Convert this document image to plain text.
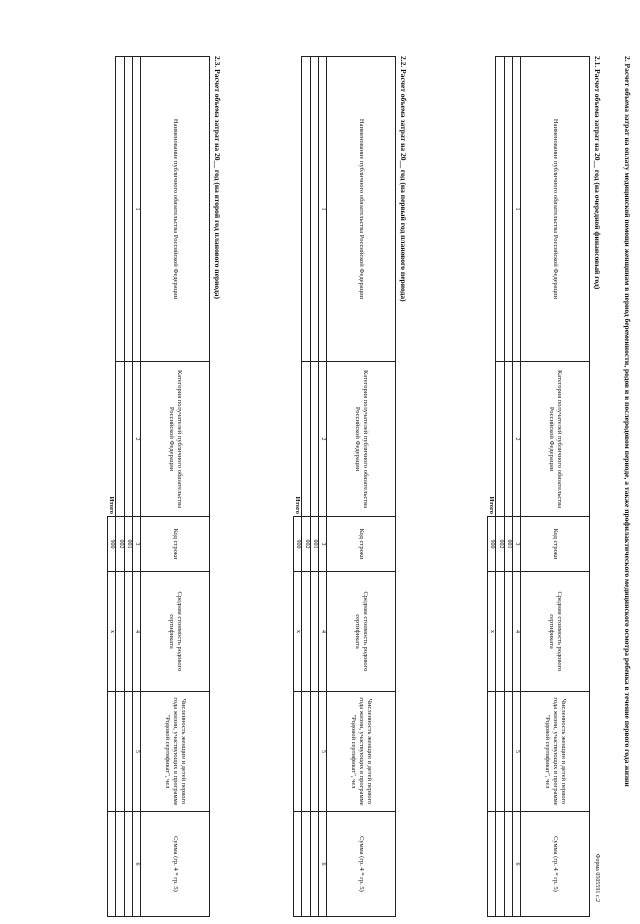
Форма 0505591 с.2
2. Расчет объема затрат на оплату медицинской помощи женщинам в период беременности, родов и в послеродовом периоде, а также профилактического медицинского осмотра ребенка в течение первого года жизни
2.1. Расчет объема затрат на 20__ год (на очередной финансовый год)
Наименование публичного обязательства Российской Федерации	Категория получателей публичного обязательства Российской Федерации	Код строки	Средняя стоимость родового сертификата	Численность женщин и детей первого года жизни, участвующих в программе "Родовой сертификат", чел	Сумма (гр. 4 * гр. 5)
1	2	3	4	5	6
		001			
		002			
	Итого	900	x		
2.2. Расчет объема затрат на 20__ год (на первый год планового периода)
Наименование публичного обязательства Российской Федерации	Категория получателей публичного обязательства Российской Федерации	Код строки	Средняя стоимость родового сертификата	Численность женщин и детей первого года жизни, участвующих в программе "Родовой сертификат", чел	Сумма (гр. 4 * гр. 5)
1	2	3	4	5	6
		001			
		002			
	Итого	900	x		
2.3. Расчет объема затрат на 20__ год (на второй год планового периода)
Наименование публичного обязательства Российской Федерации	Категория получателей публичного обязательства Российской Федерации	Код строки	Средняя стоимость родового сертификата	Численность женщин и детей первого года жизни, участвующих в программе "Родовой сертификат", чел	Сумма (гр. 4 * гр. 5)
1	2	3	4	5	6
		001			
		002			
	Итого	900	x		
